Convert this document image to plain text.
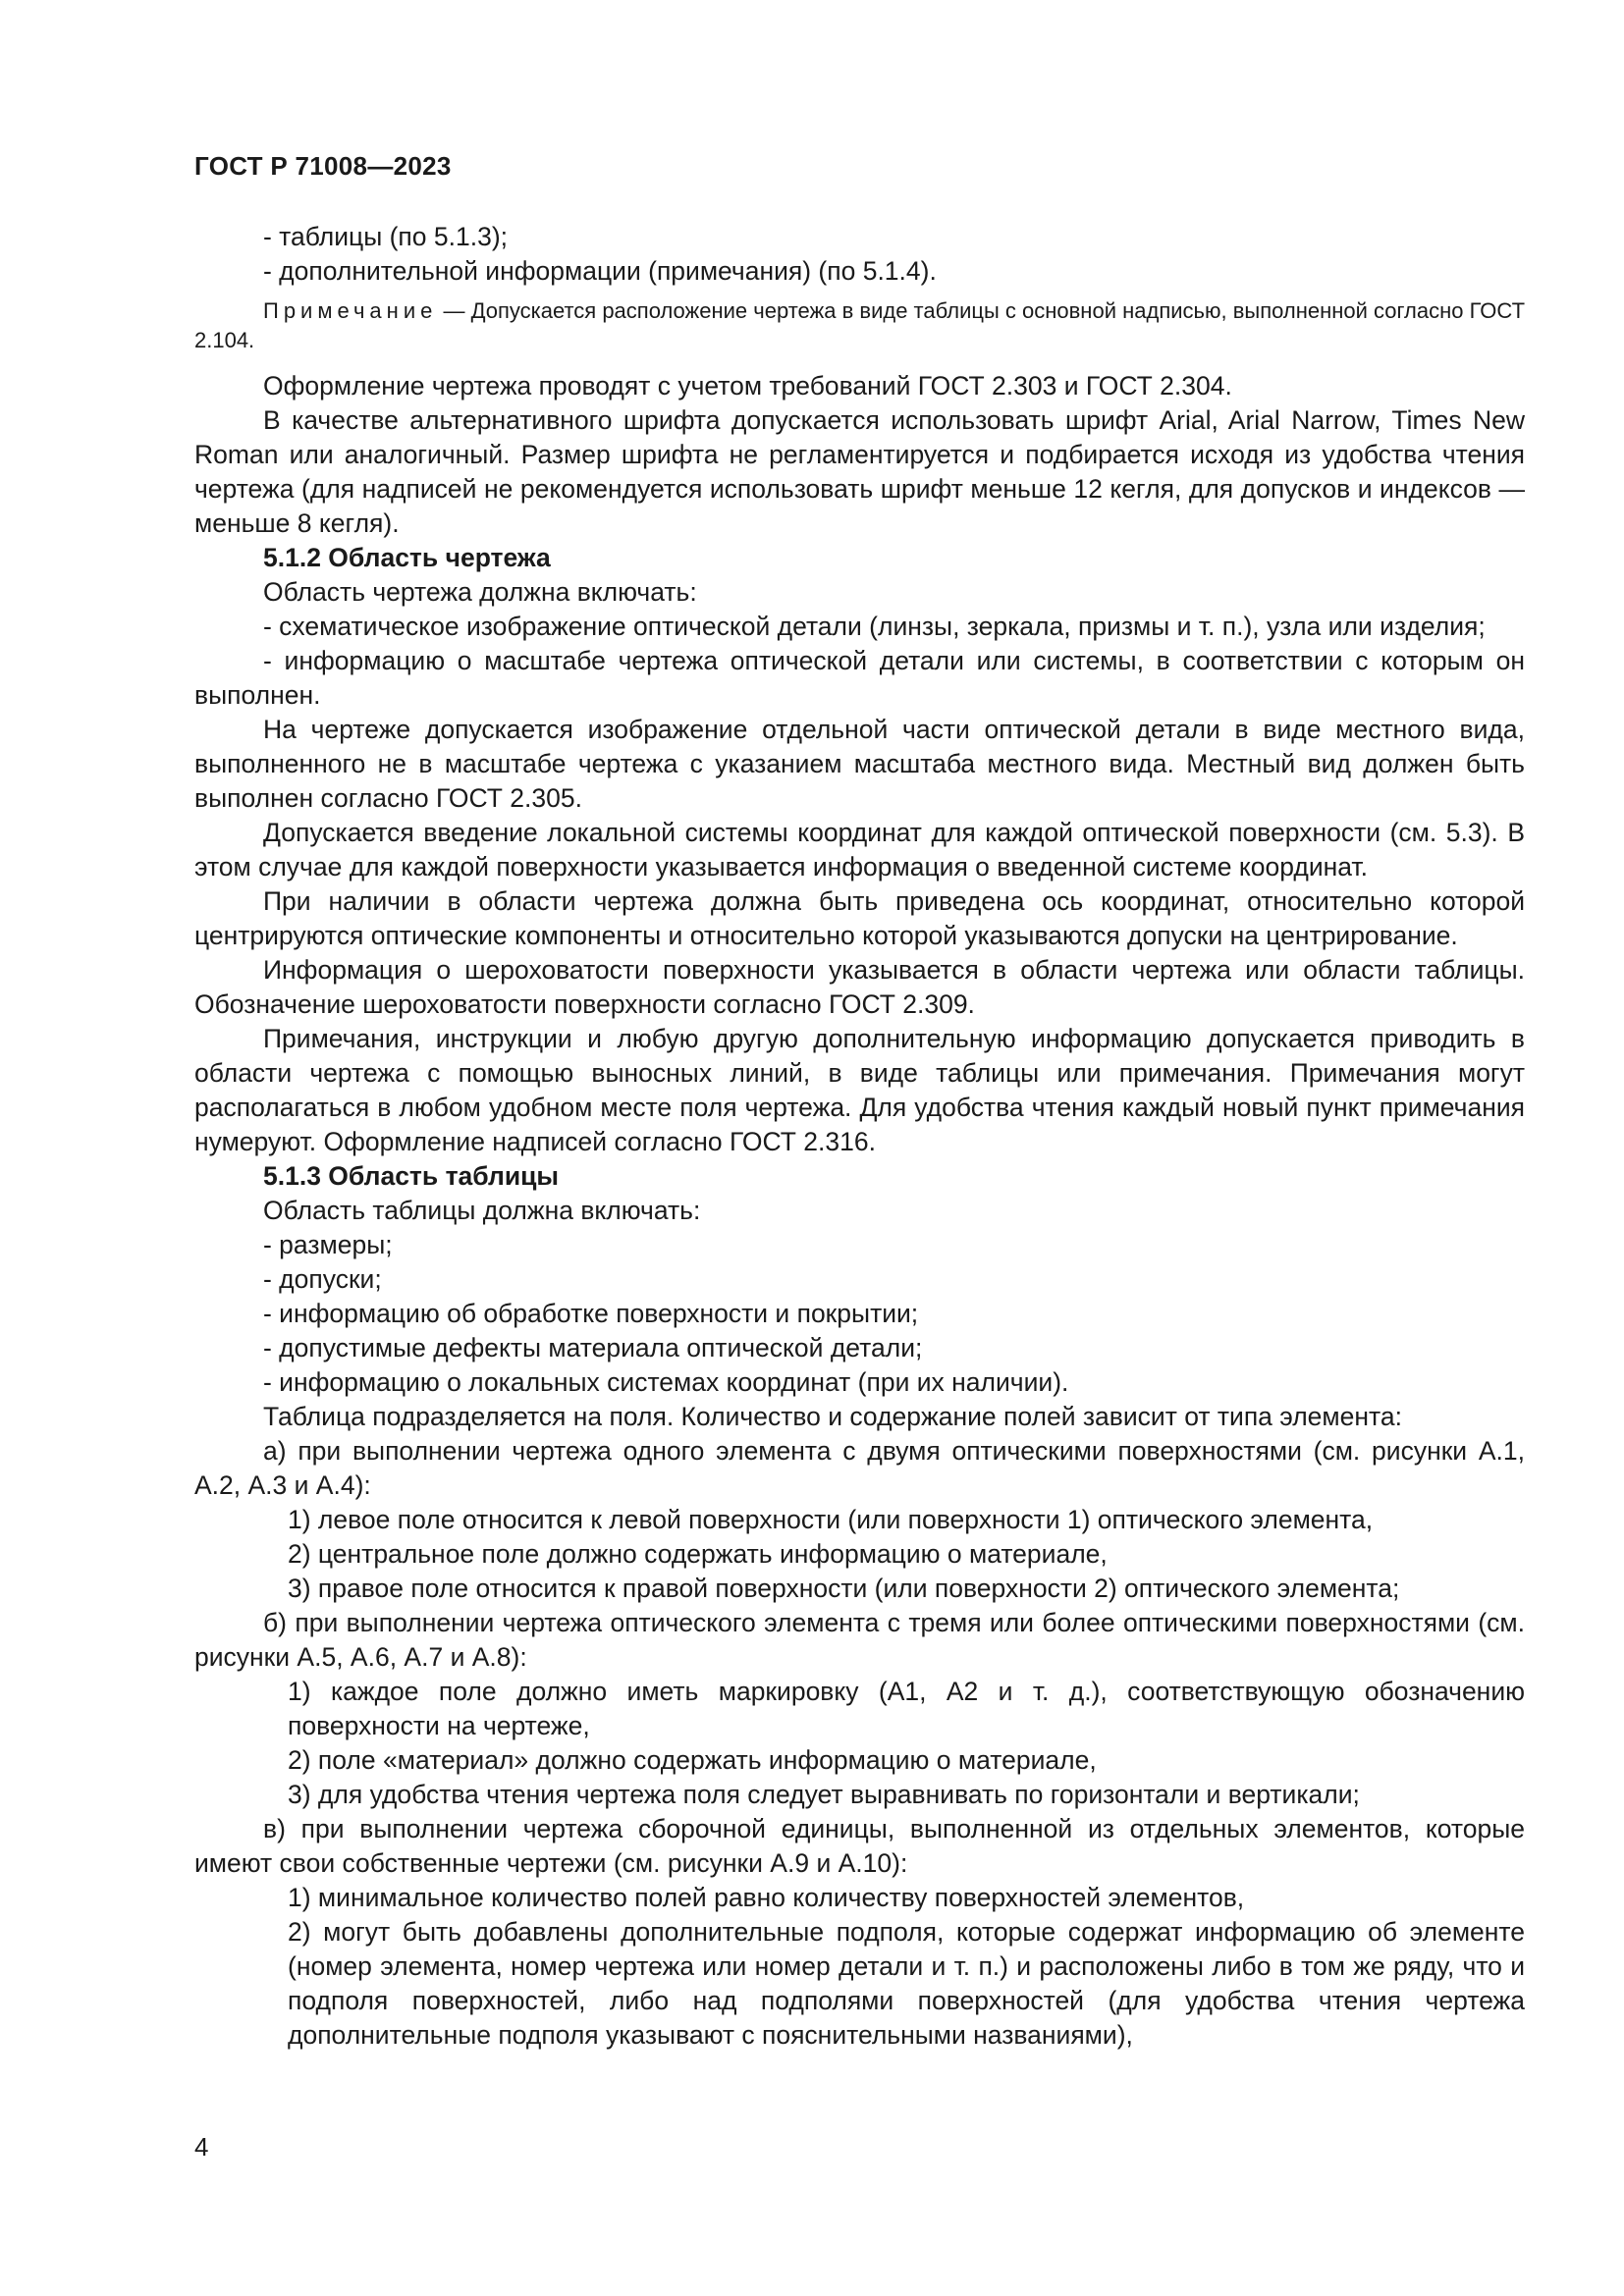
ГОСТ Р 71008—2023

- таблицы (по 5.1.3);

- дополнительной информации (примечания) (по 5.1.4).

Примечание — Допускается расположение чертежа в виде таблицы с основной надписью, выполненной согласно ГОСТ 2.104.

Оформление чертежа проводят с учетом требований ГОСТ 2.303 и ГОСТ 2.304.

В качестве альтернативного шрифта допускается использовать шрифт Arial, Arial Narrow, Times New Roman или аналогичный. Размер шрифта не регламентируется и подбирается исходя из удобства чтения чертежа (для надписей не рекомендуется использовать шрифт меньше 12 кегля, для допусков и индексов — меньше 8 кегля).

5.1.2 Область чертежа

Область чертежа должна включать:

- схематическое изображение оптической детали (линзы, зеркала, призмы и т. п.), узла или изделия;

- информацию о масштабе чертежа оптической детали или системы, в соответствии с которым он выполнен.

На чертеже допускается изображение отдельной части оптической детали в виде местного вида, выполненного не в масштабе чертежа с указанием масштаба местного вида. Местный вид должен быть выполнен согласно ГОСТ 2.305.

Допускается введение локальной системы координат для каждой оптической поверхности (см. 5.3). В этом случае для каждой поверхности указывается информация о введенной системе координат.

При наличии в области чертежа должна быть приведена ось координат, относительно которой центрируются оптические компоненты и относительно которой указываются допуски на центрирование.

Информация о шероховатости поверхности указывается в области чертежа или области таблицы. Обозначение шероховатости поверхности согласно ГОСТ 2.309.

Примечания, инструкции и любую другую дополнительную информацию допускается приводить в области чертежа с помощью выносных линий, в виде таблицы или примечания. Примечания могут располагаться в любом удобном месте поля чертежа. Для удобства чтения каждый новый пункт примечания нумеруют. Оформление надписей согласно ГОСТ 2.316.

5.1.3 Область таблицы

Область таблицы должна включать:

- размеры;

- допуски;

- информацию об обработке поверхности и покрытии;

- допустимые дефекты материала оптической детали;

- информацию о локальных системах координат (при их наличии).

Таблица подразделяется на поля. Количество и содержание полей зависит от типа элемента:

а) при выполнении чертежа одного элемента с двумя оптическими поверхностями (см. рисунки А.1, А.2, А.3 и А.4):

1) левое поле относится к левой поверхности (или поверхности 1) оптического элемента,

2) центральное поле должно содержать информацию о материале,

3) правое поле относится к правой поверхности (или поверхности 2) оптического элемента;

б) при выполнении чертежа оптического элемента с тремя или более оптическими поверхностями (см. рисунки А.5, А.6, А.7 и А.8):

1) каждое поле должно иметь маркировку (А1, А2 и т. д.), соответствующую обозначению поверхности на чертеже,

2) поле «материал» должно содержать информацию о материале,

3) для удобства чтения чертежа поля следует выравнивать по горизонтали и вертикали;

в) при выполнении чертежа сборочной единицы, выполненной из отдельных элементов, которые имеют свои собственные чертежи (см. рисунки А.9 и А.10):

1) минимальное количество полей равно количеству поверхностей элементов,

2) могут быть добавлены дополнительные подполя, которые содержат информацию об элементе (номер элемента, номер чертежа или номер детали и т. п.) и расположены либо в том же ряду, что и подполя поверхностей, либо над подполями поверхностей (для удобства чтения чертежа дополнительные подполя указывают с пояснительными названиями),

4
